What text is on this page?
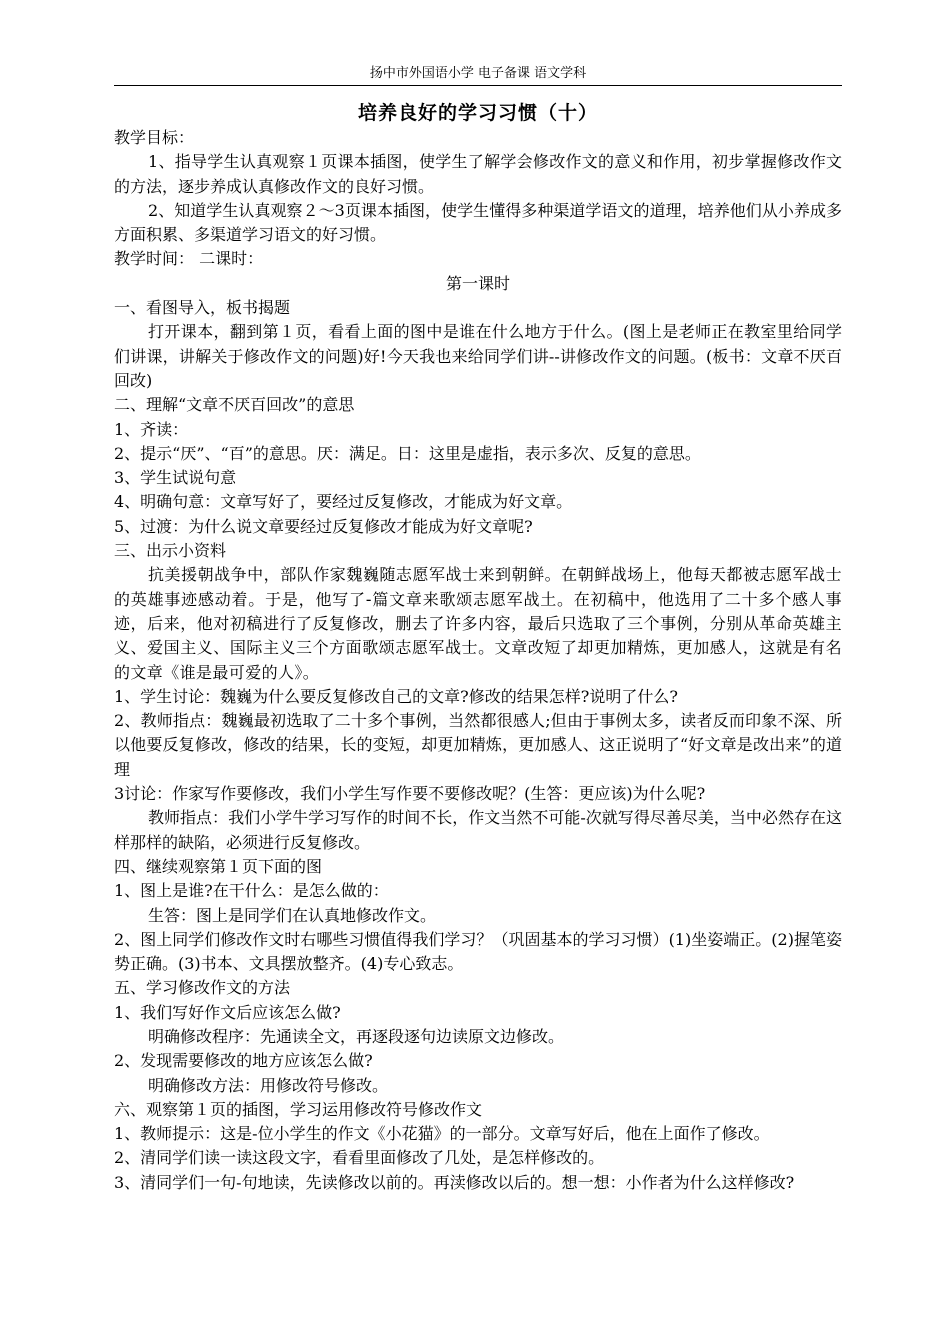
扬中市外国语小学 电子备课 语文学科
培养良好的学习习惯（十）

教学目标：

1、指导学生认真观察１页课本插图，使学生了解学会修改作文的意义和作用，初步掌握修改作文的方法，逐步养成认真修改作文的良好习惯。

2、知道学生认真观察２～3页课本插图，使学生懂得多种渠道学语文的道理，培养他们从小养成多方面积累、多渠道学习语文的好习惯。

教学时间： 二课时：

第一课时

一、看图导入，板书揭题

打开课本，翻到第１页，看看上面的图中是谁在什么地方于什么。(图上是老师正在教室里给同学们讲课，讲解关于修改作文的问题)好!今天我也来给同学们讲--讲修改作文的问题。(板书：文章不厌百回改)

二、理解“文章不厌百回改”的意思

1、齐读：

2、提示“厌”、“百”的意思。厌：满足。日：这里是虚指，表示多次、反复的意思。

3、学生试说句意

4、明确句意：文章写好了，要经过反复修改，才能成为好文章。

5、过渡：为什么说文章要经过反复修改才能成为好文章呢?

三、出示小资料

抗美援朝战争中，部队作家魏巍随志愿军战士来到朝鲜。在朝鲜战场上，他每天都被志愿军战士的英雄事迹感动着。于是，他写了-篇文章来歌颂志愿军战土。在初稿中，他选用了二十多个感人事迹，后来，他对初稿进行了反复修改，删去了许多内容，最后只选取了三个事例，分别从革命英雄主义、爱国主义、国际主义三个方面歌颂志愿军战士。文章改短了却更加精炼，更加感人，这就是有名的文章《谁是最可爱的人》。

1、学生讨论：魏巍为什么要反复修改自己的文章?修改的结果怎样?说明了什么?

2、教师指点：魏巍最初选取了二十多个事例，当然都很感人;但由于事例太多，读者反而印象不深、所以他要反复修改，修改的结果，长的变短，却更加精炼，更加感人、这正说明了“好文章是改出来”的道理

3讨论：作家写作要修改，我们小学生写作要不要修改呢？(生答：更应该)为什么呢?

教师指点：我们小学牛学习写作的时间不长，作文当然不可能-次就写得尽善尽美，当中必然存在这样那样的缺陷，必须进行反复修改。

四、继续观察第１页下面的图

1、图上是谁?在干什么：是怎么做的：

生答：图上是同学们在认真地修改作文。

2、图上同学们修改作文时右哪些习惯值得我们学习？（巩固基本的学习习惯）(1)坐姿端正。(2)握笔姿势正确。(3)书本、文具摆放整齐。(4)专心致志。

五、学习修改作文的方法

1、我们写好作文后应该怎么做?

明确修改程序：先通读全文，再逐段逐句边读原文边修改。

2、发现需要修改的地方应该怎么做?

明确修改方法：用修改符号修改。

六、观察第１页的插图，学习运用修改符号修改作文

1、教师提示：这是-位小学生的作文《小花猫》的一部分。文章写好后，他在上面作了修改。

2、清同学们读一读这段文字，看看里面修改了几处，是怎样修改的。

3、清同学们一句-句地读，先读修改以前的。再渎修改以后的。想一想：小作者为什么这样修改?
